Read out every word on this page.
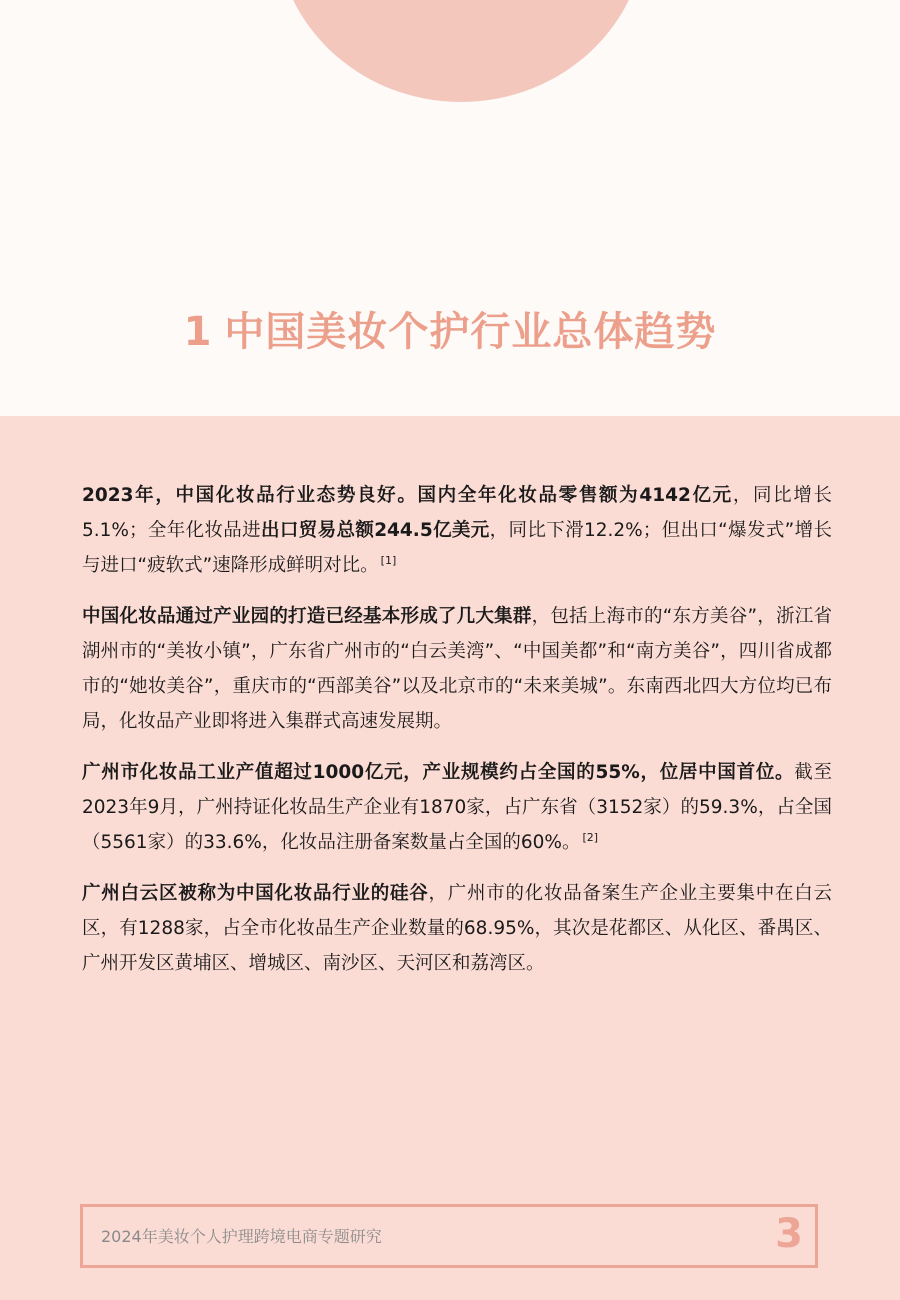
1 中国美妆个护行业总体趋势

2023年，中国化妆品行业态势良好。国内全年化妆品零售额为4142亿元，同比增长5.1%；全年化妆品进出口贸易总额244.5亿美元，同比下滑12.2%；但出口“爆发式”增长与进口“疲软式”速降形成鲜明对比。 [1]

中国化妆品通过产业园的打造已经基本形成了几大集群，包括上海市的“东方美谷”，浙江省湖州市的“美妆小镇”，广东省广州市的“白云美湾”、“中国美都”和“南方美谷”，四川省成都市的“她妆美谷”，重庆市的“西部美谷”以及北京市的“未来美城”。东南西北四大方位均已布局，化妆品产业即将进入集群式高速发展期。

广州市化妆品工业产值超过1000亿元，产业规模约占全国的55%，位居中国首位。截至2023年9月，广州持证化妆品生产企业有1870家，占广东省（3152家）的59.3%，占全国（5561家）的33.6%，化妆品注册备案数量占全国的60%。 [2]

广州白云区被称为中国化妆品行业的硅谷，广州市的化妆品备案生产企业主要集中在白云区，有1288家，占全市化妆品生产企业数量的68.95%，其次是花都区、从化区、番禺区、广州开发区黄埔区、增城区、南沙区、天河区和荔湾区。

2024年美妆个人护理跨境电商专题研究	3
